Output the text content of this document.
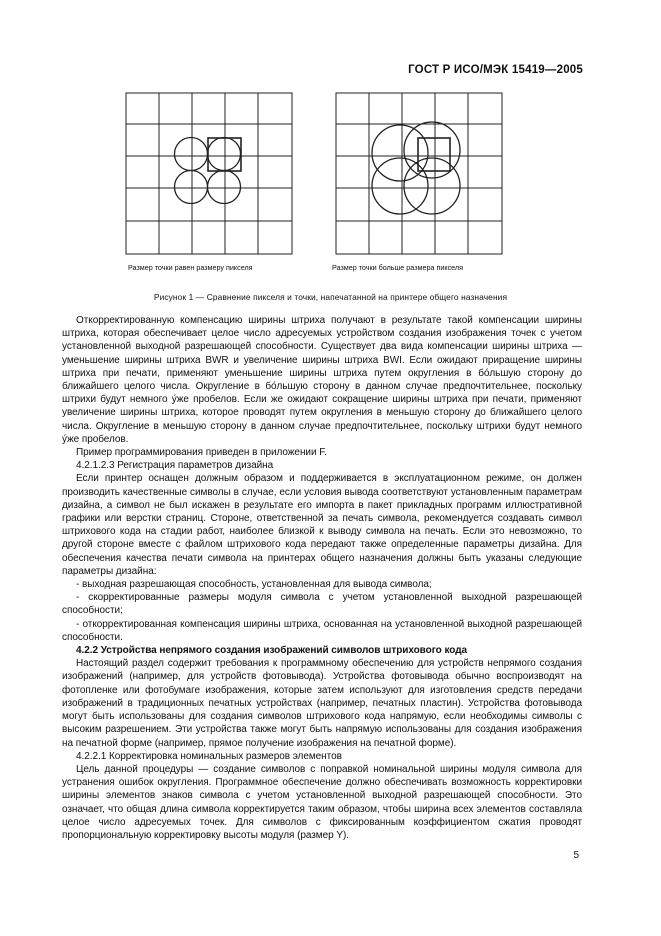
ГОСТ Р ИСО/МЭК 15419—2005
Размер точки равен размеру пикселя	Размер точки больше размера пикселя
Рисунок 1 — Сравнение пикселя и точки, напечатанной на принтере общего назначения

Откорректированную компенсацию ширины штриха получают в результате такой компенсации ширины штриха, которая обеспечивает целое число адресуемых устройством создания изображения точек с учетом установленной выходной разрешающей способности. Существует два вида компенсации ширины штриха — уменьшение ширины штриха BWR и увеличение ширины штриха BWI. Если ожидают приращение ширины штриха при печати, применяют уменьшение ширины штриха путем округления в бо́льшую сторону до ближайшего целого числа. Округление в бо́льшую сторону в данном случае предпочтительнее, поскольку штрихи будут немного у́же пробелов. Если же ожидают сокращение ширины штриха при печати, применяют увеличение ширины штриха, которое проводят путем округления в меньшую сторону до ближайшего целого числа. Округление в меньшую сторону в данном случае предпочтительнее, поскольку штрихи будут немного у́же пробелов.

Пример программирования приведен в приложении F.

4.2.1.2.3 Регистрация параметров дизайна

Если принтер оснащен должным образом и поддерживается в эксплуатационном режиме, он должен производить качественные символы в случае, если условия вывода соответствуют установленным параметрам дизайна, а символ не был искажен в результате его импорта в пакет прикладных программ иллюстративной графики или верстки страниц. Стороне, ответственной за печать символа, рекомендуется создавать символ штрихового кода на стадии работ, наиболее близкой к выводу символа на печать. Если это невозможно, то другой стороне вместе с файлом штрихового кода передают также определенные параметры дизайна. Для обеспечения качества печати символа на принтерах общего назначения должны быть указаны следующие параметры дизайна:

- выходная разрешающая способность, установленная для вывода символа;

- скорректированные размеры модуля символа с учетом установленной выходной разрешающей способности;

- откорректированная компенсация ширины штриха, основанная на установленной выходной разрешающей способности.

4.2.2 Устройства непрямого создания изображений символов штрихового кода

Настоящий раздел содержит требования к программному обеспечению для устройств непрямого создания изображений (например, для устройств фотовывода). Устройства фотовывода обычно воспроизводят на фотопленке или фотобумаге изображения, которые затем используют для изготовления средств передачи изображений в традиционных печатных устройствах (например, печатных пластин). Устройства фотовывода могут быть использованы для создания символов штрихового кода напрямую, если необходимы символы с высоким разрешением. Эти устройства также могут быть напрямую использованы для создания изображения на печатной форме (например, прямое получение изображения на печатной форме).

4.2.2.1 Корректировка номинальных размеров элементов

Цель данной процедуры — создание символов с поправкой номинальной ширины модуля символа для устранения ошибок округления. Программное обеспечение должно обеспечивать возможность корректировки ширины элементов знаков символа с учетом установленной выходной разрешающей способности. Это означает, что общая длина символа корректируется таким образом, чтобы ширина всех элементов составляла целое число адресуемых точек. Для символов с фиксированным коэффициентом сжатия проводят пропорциональную корректировку высоты модуля (размер Y).

5
